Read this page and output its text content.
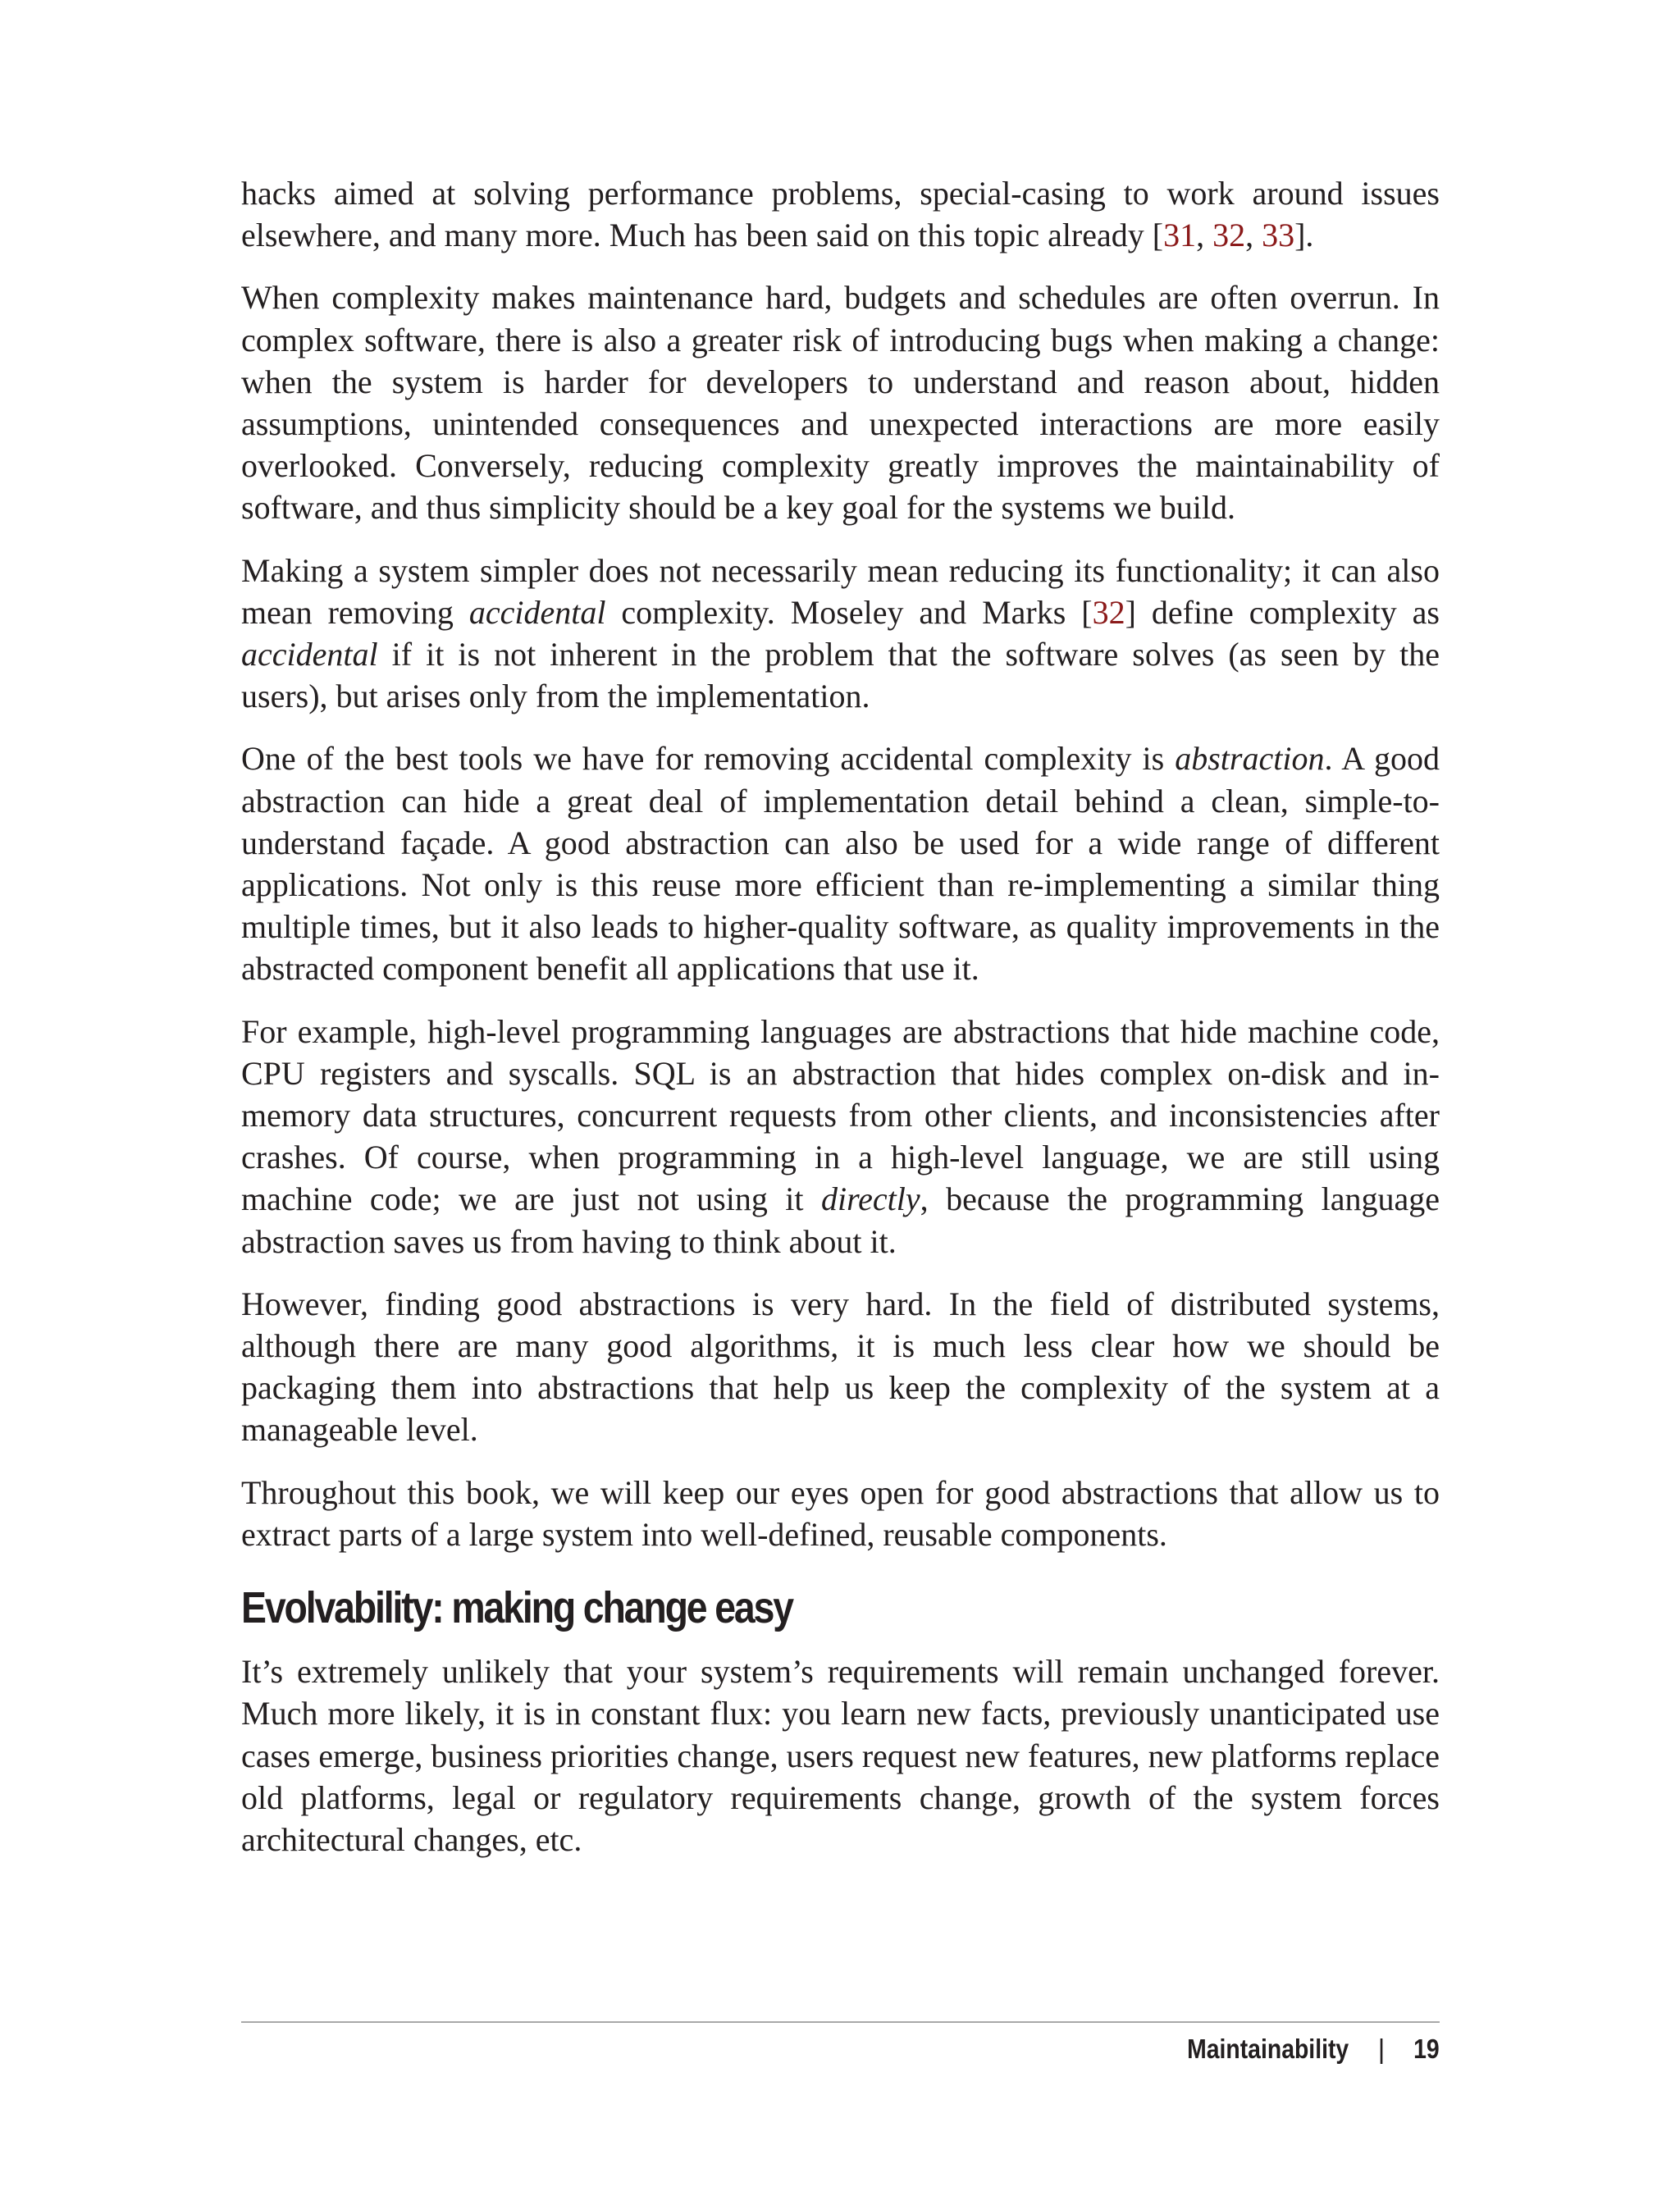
hacks aimed at solving performance problems, special-casing to work around issues elsewhere, and many more. Much has been said on this topic already [31, 32, 33].

When complexity makes maintenance hard, budgets and schedules are often overrun. In complex software, there is also a greater risk of introducing bugs when making a change: when the system is harder for developers to understand and reason about, hidden assumptions, unintended consequences and unexpected interactions are more easily overlooked. Conversely, reducing complexity greatly improves the maintainability of software, and thus simplicity should be a key goal for the systems we build.

Making a system simpler does not necessarily mean reducing its functionality; it can also mean removing accidental complexity. Moseley and Marks [32] define complexity as accidental if it is not inherent in the problem that the software solves (as seen by the users), but arises only from the implementation.

One of the best tools we have for removing accidental complexity is abstraction. A good abstraction can hide a great deal of implementation detail behind a clean, simple-to-understand façade. A good abstraction can also be used for a wide range of different applications. Not only is this reuse more efficient than re-implementing a similar thing multiple times, but it also leads to higher-quality software, as quality improvements in the abstracted component benefit all applications that use it.

For example, high-level programming languages are abstractions that hide machine code, CPU registers and syscalls. SQL is an abstraction that hides complex on-disk and in-memory data structures, concurrent requests from other clients, and inconsistencies after crashes. Of course, when programming in a high-level language, we are still using machine code; we are just not using it directly, because the programming language abstraction saves us from having to think about it.

However, finding good abstractions is very hard. In the field of distributed systems, although there are many good algorithms, it is much less clear how we should be packaging them into abstractions that help us keep the complexity of the system at a manageable level.

Throughout this book, we will keep our eyes open for good abstractions that allow us to extract parts of a large system into well-defined, reusable components.

Evolvability: making change easy

It’s extremely unlikely that your system’s requirements will remain unchanged forever. Much more likely, it is in constant flux: you learn new facts, previously unanticipated use cases emerge, business priorities change, users request new features, new platforms replace old platforms, legal or regulatory requirements change, growth of the system forces architectural changes, etc.

Maintainability | 19
